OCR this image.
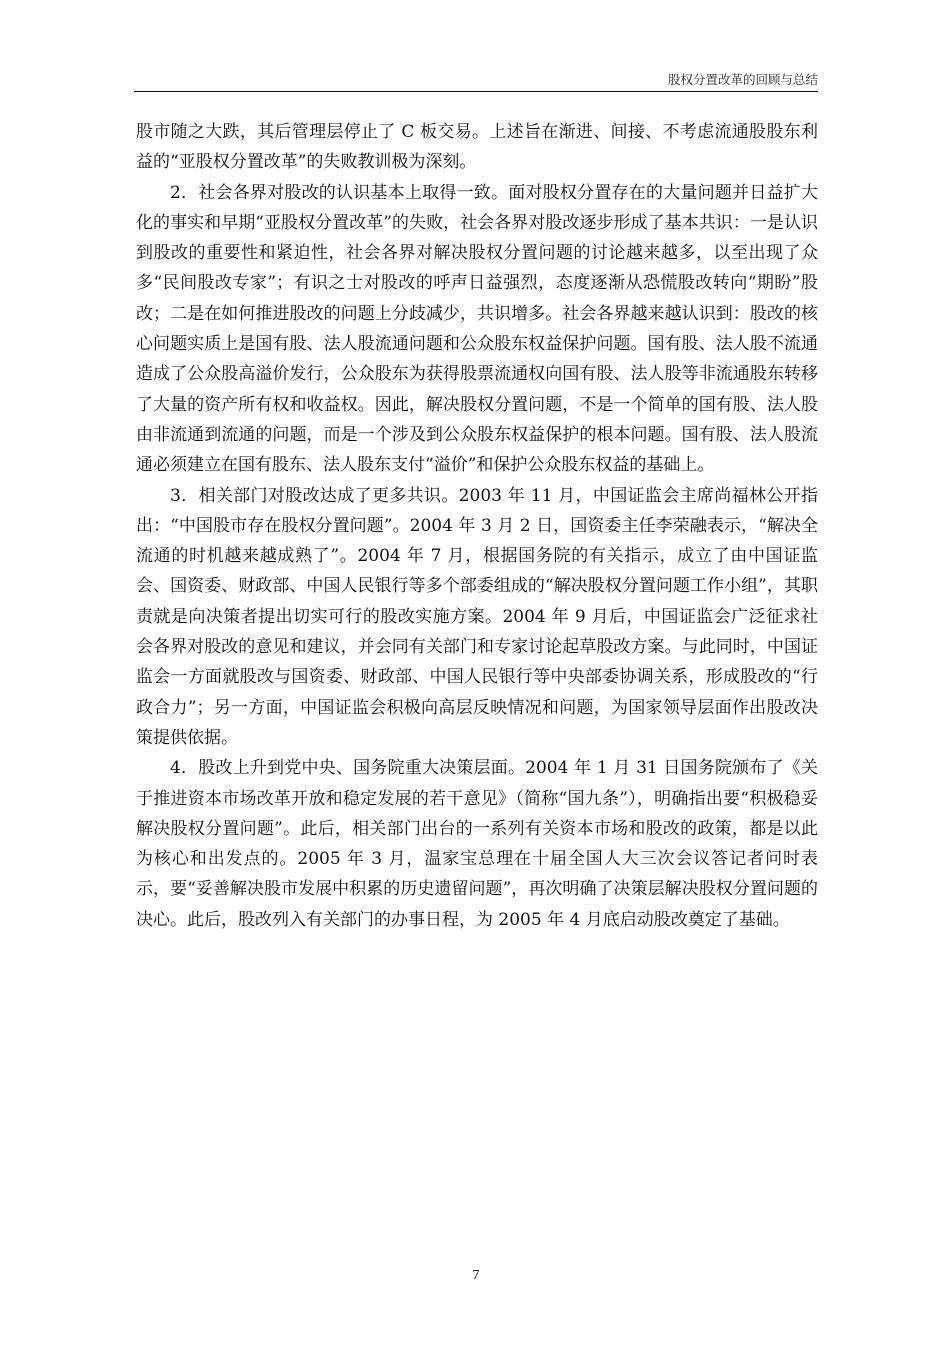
股权分置改革的回顾与总结

股市随之大跌，其后管理层停止了 C 板交易。上述旨在渐进、间接、不考虑流通股股东利益的“亚股权分置改革”的失败教训极为深刻。

2．社会各界对股改的认识基本上取得一致。面对股权分置存在的大量问题并日益扩大化的事实和早期“亚股权分置改革”的失败，社会各界对股改逐步形成了基本共识：一是认识到股改的重要性和紧迫性，社会各界对解决股权分置问题的讨论越来越多，以至出现了众多“民间股改专家”；有识之士对股改的呼声日益强烈，态度逐渐从恐慌股改转向“期盼”股改；二是在如何推进股改的问题上分歧减少，共识增多。社会各界越来越认识到：股改的核心问题实质上是国有股、法人股流通问题和公众股东权益保护问题。国有股、法人股不流通造成了公众股高溢价发行，公众股东为获得股票流通权向国有股、法人股等非流通股东转移了大量的资产所有权和收益权。因此，解决股权分置问题，不是一个简单的国有股、法人股由非流通到流通的问题，而是一个涉及到公众股东权益保护的根本问题。国有股、法人股流通必须建立在国有股东、法人股东支付“溢价”和保护公众股东权益的基础上。

3．相关部门对股改达成了更多共识。2003 年 11 月，中国证监会主席尚福林公开指出：“中国股市存在股权分置问题”。2004 年 3 月 2 日，国资委主任李荣融表示，“解决全流通的时机越来越成熟了”。2004 年 7 月，根据国务院的有关指示，成立了由中国证监会、国资委、财政部、中国人民银行等多个部委组成的“解决股权分置问题工作小组”，其职责就是向决策者提出切实可行的股改实施方案。2004 年 9 月后，中国证监会广泛征求社会各界对股改的意见和建议，并会同有关部门和专家讨论起草股改方案。与此同时，中国证监会一方面就股改与国资委、财政部、中国人民银行等中央部委协调关系，形成股改的“行政合力”；另一方面，中国证监会积极向高层反映情况和问题，为国家领导层面作出股改决策提供依据。

4．股改上升到党中央、国务院重大决策层面。2004 年 1 月 31 日国务院颁布了《关于推进资本市场改革开放和稳定发展的若干意见》（简称“国九条”），明确指出要“积极稳妥解决股权分置问题”。此后，相关部门出台的一系列有关资本市场和股改的政策，都是以此为核心和出发点的。2005 年 3 月，温家宝总理在十届全国人大三次会议答记者问时表示，要“妥善解决股市发展中积累的历史遗留问题”，再次明确了决策层解决股权分置问题的决心。此后，股改列入有关部门的办事日程，为 2005 年 4 月底启动股改奠定了基础。

7
